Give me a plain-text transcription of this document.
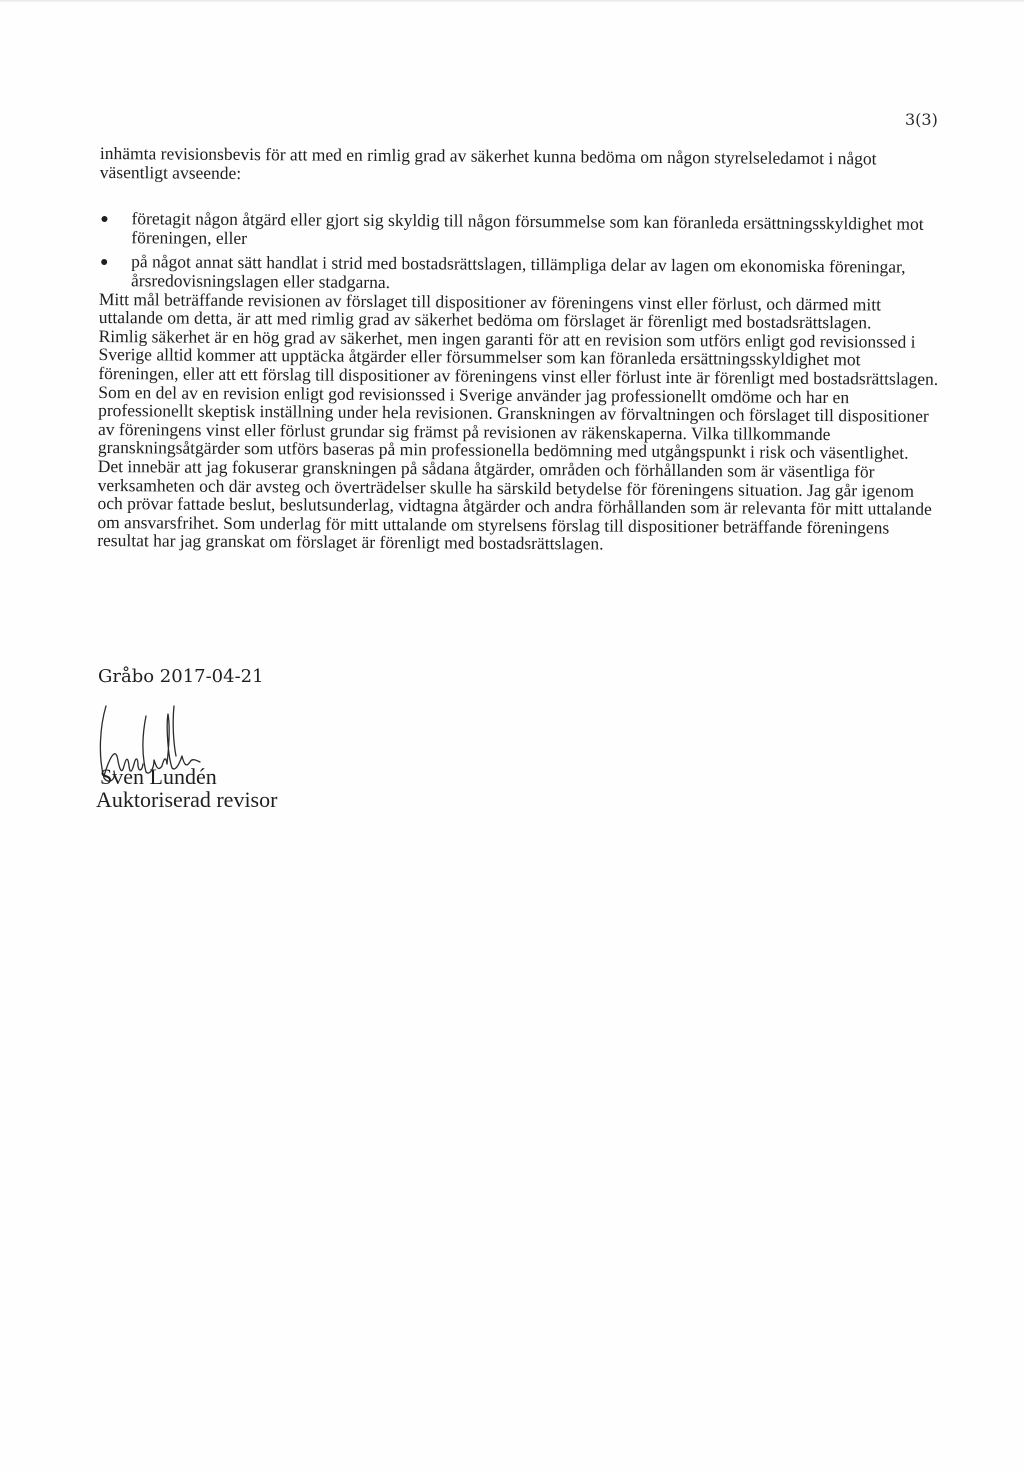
3(3)

inhämta revisionsbevis för att med en rimlig grad av säkerhet kunna bedöma om någon styrelseledamot i något väsentligt avseende:

företagit någon åtgärd eller gjort sig skyldig till någon försummelse som kan föranleda ersättningsskyldighet mot föreningen, eller
på något annat sätt handlat i strid med bostadsrättslagen, tillämpliga delar av lagen om ekonomiska föreningar, årsredovisningslagen eller stadgarna.

Mitt mål beträffande revisionen av förslaget till dispositioner av föreningens vinst eller förlust, och därmed mitt uttalande om detta, är att med rimlig grad av säkerhet bedöma om förslaget är förenligt med bostadsrättslagen.

Rimlig säkerhet är en hög grad av säkerhet, men ingen garanti för att en revision som utförs enligt god revisionssed i Sverige alltid kommer att upptäcka åtgärder eller försummelser som kan föranleda ersättningsskyldighet mot föreningen, eller att ett förslag till dispositioner av föreningens vinst eller förlust inte är förenligt med bostadsrättslagen.

Som en del av en revision enligt god revisionssed i Sverige använder jag professionellt omdöme och har en professionellt skeptisk inställning under hela revisionen. Granskningen av förvaltningen och förslaget till dispositioner av föreningens vinst eller förlust grundar sig främst på revisionen av räkenskaperna. Vilka tillkommande granskningsåtgärder som utförs baseras på min professionella bedömning med utgångspunkt i risk och väsentlighet. Det innebär att jag fokuserar granskningen på sådana åtgärder, områden och förhållanden som är väsentliga för verksamheten och där avsteg och överträdelser skulle ha särskild betydelse för föreningens situation. Jag går igenom och prövar fattade beslut, beslutsunderlag, vidtagna åtgärder och andra förhållanden som är relevanta för mitt uttalande om ansvarsfrihet. Som underlag för mitt uttalande om styrelsens förslag till dispositioner beträffande föreningens resultat har jag granskat om förslaget är förenligt med bostadsrättslagen.

Gråbo 2017-04-21
Sven Lundén
Auktoriserad revisor
